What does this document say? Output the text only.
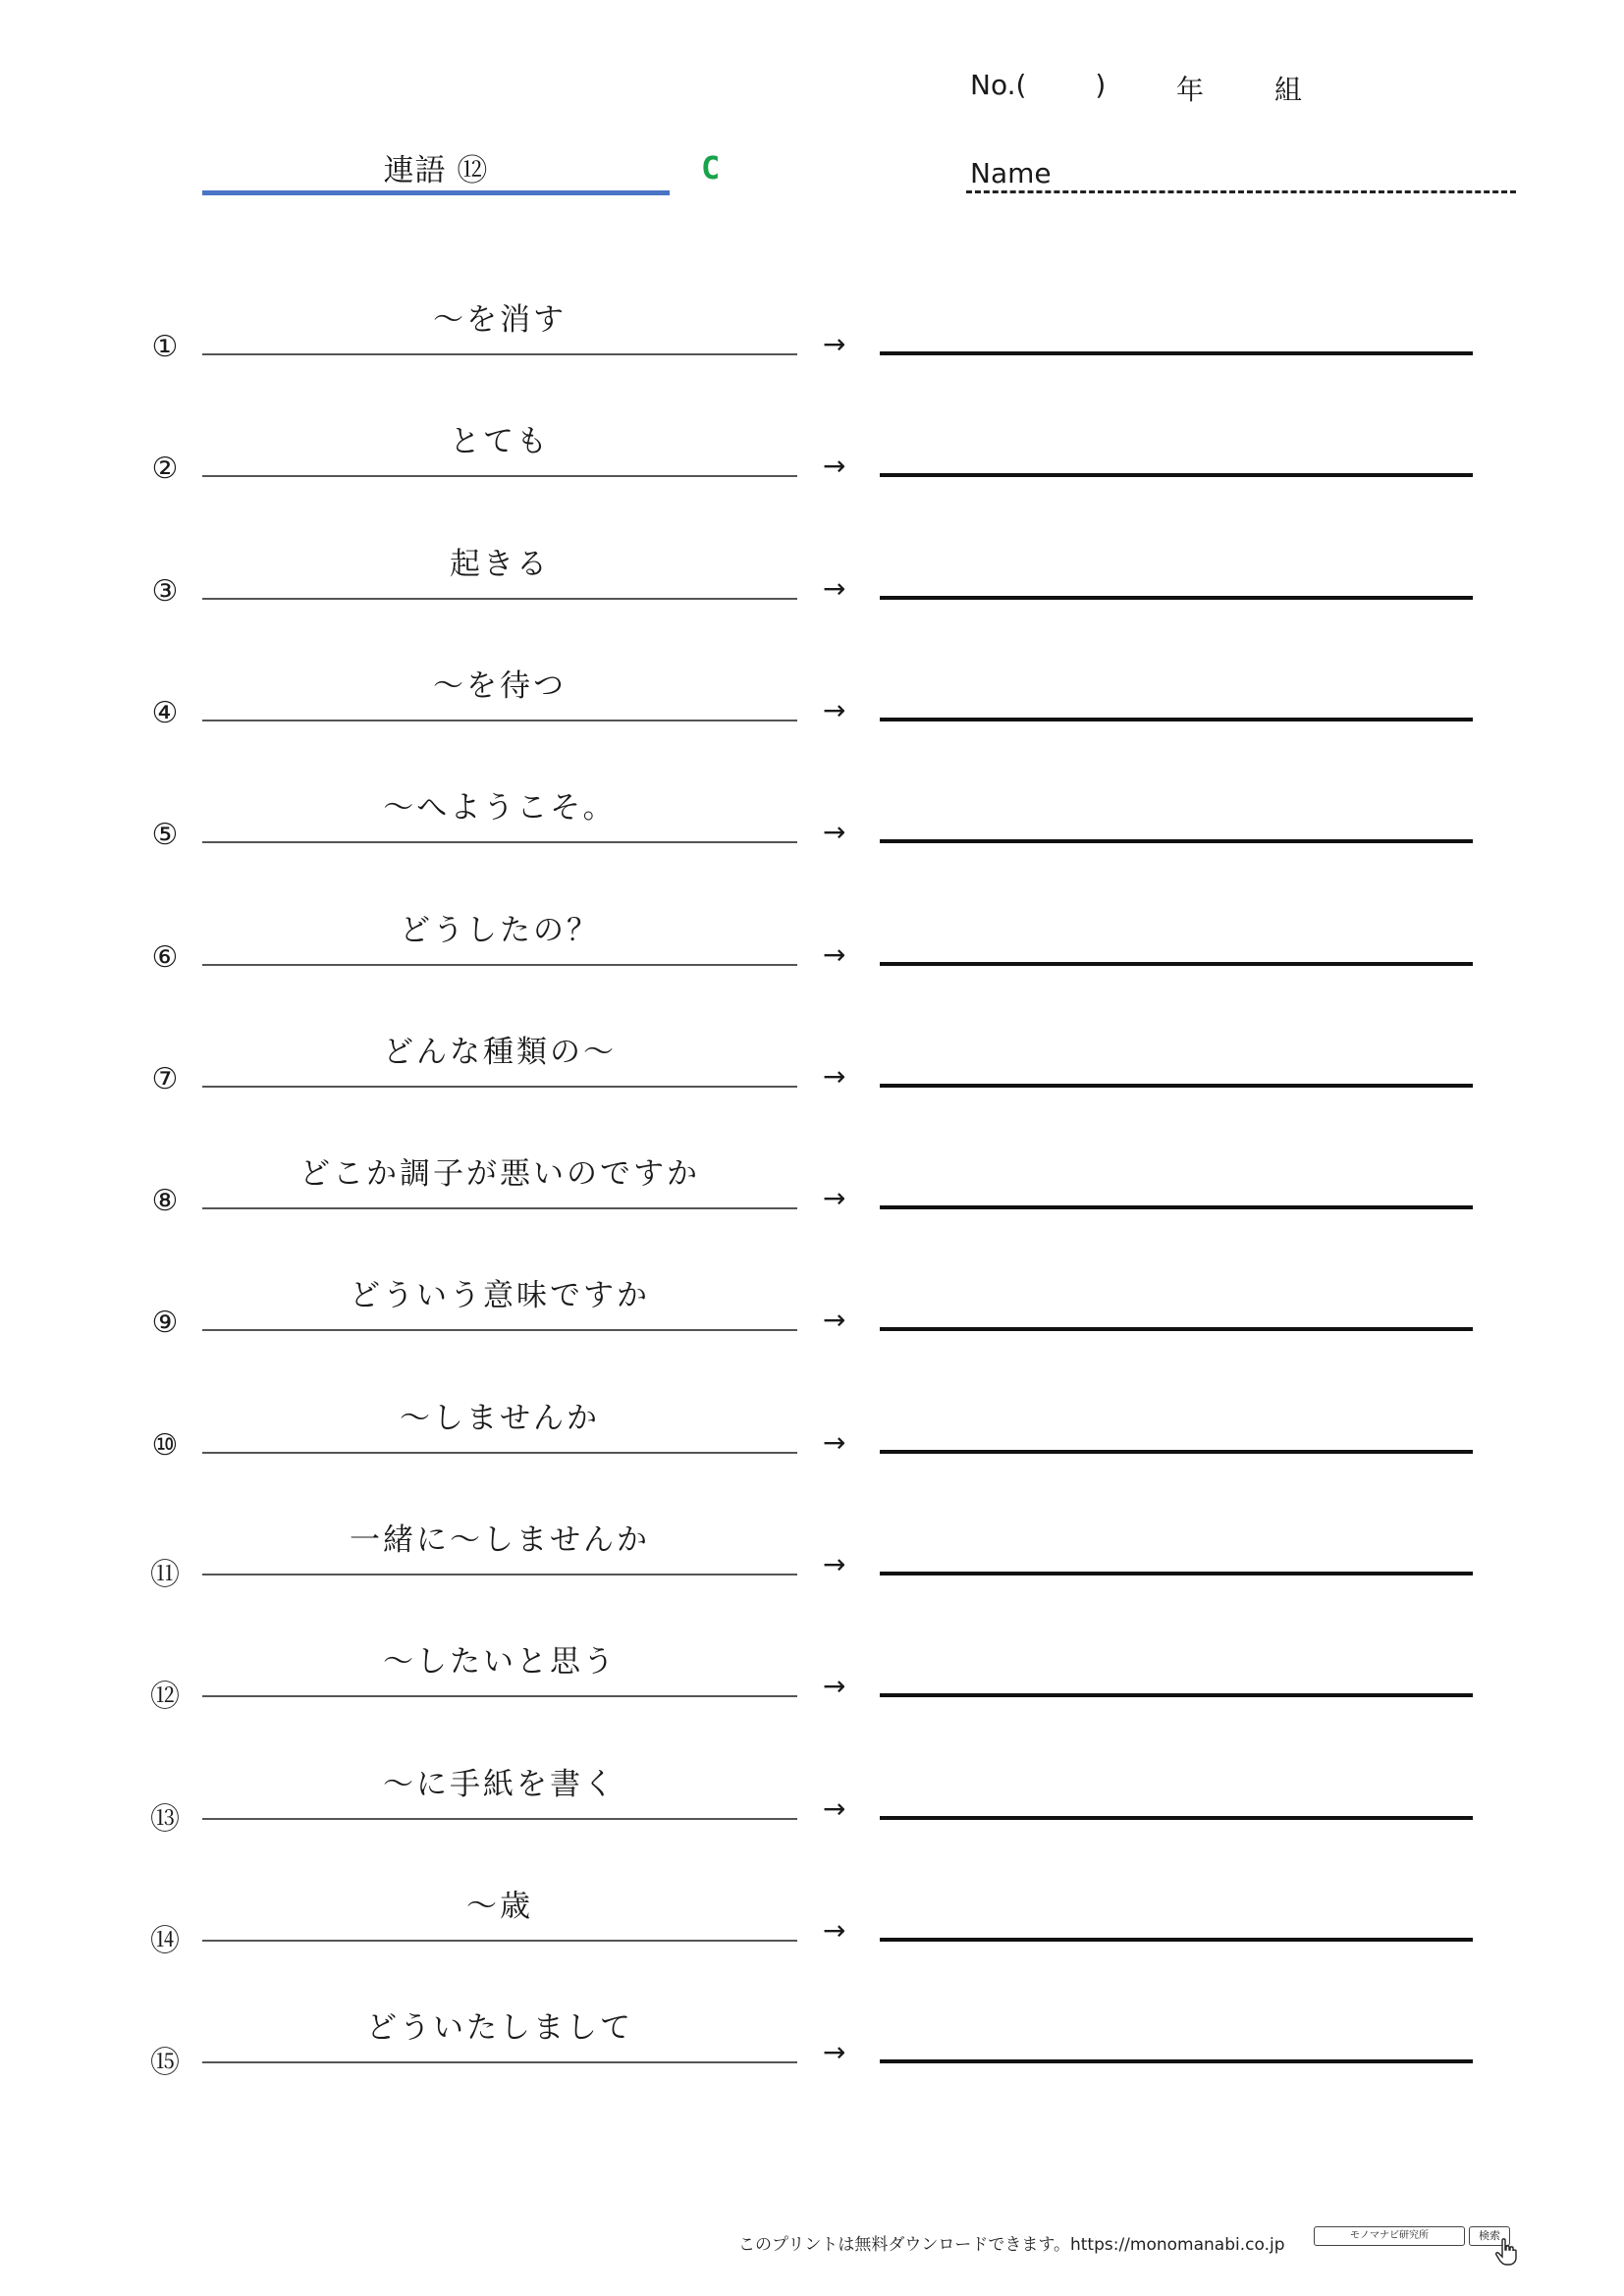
No.(	)	年	組
連語 ⑫	C	Name
①
～を消す
→
②
とても
→
③
起きる
→
④
～を待つ
→
⑤
～へようこそ。
→
⑥
どうしたの？
→
⑦
どんな種類の～
→
⑧
どこか調子が悪いのですか
→
⑨
どういう意味ですか
→
⑩
～しませんか
→
⑪
一緒に～しませんか
→
⑫
～したいと思う
→
⑬
～に手紙を書く
→
⑭
～歳
→
⑮
どういたしまして
→
このプリントは無料ダウンロードできます。https://monomanabi.co.jp	モノマナビ研究所	検索
